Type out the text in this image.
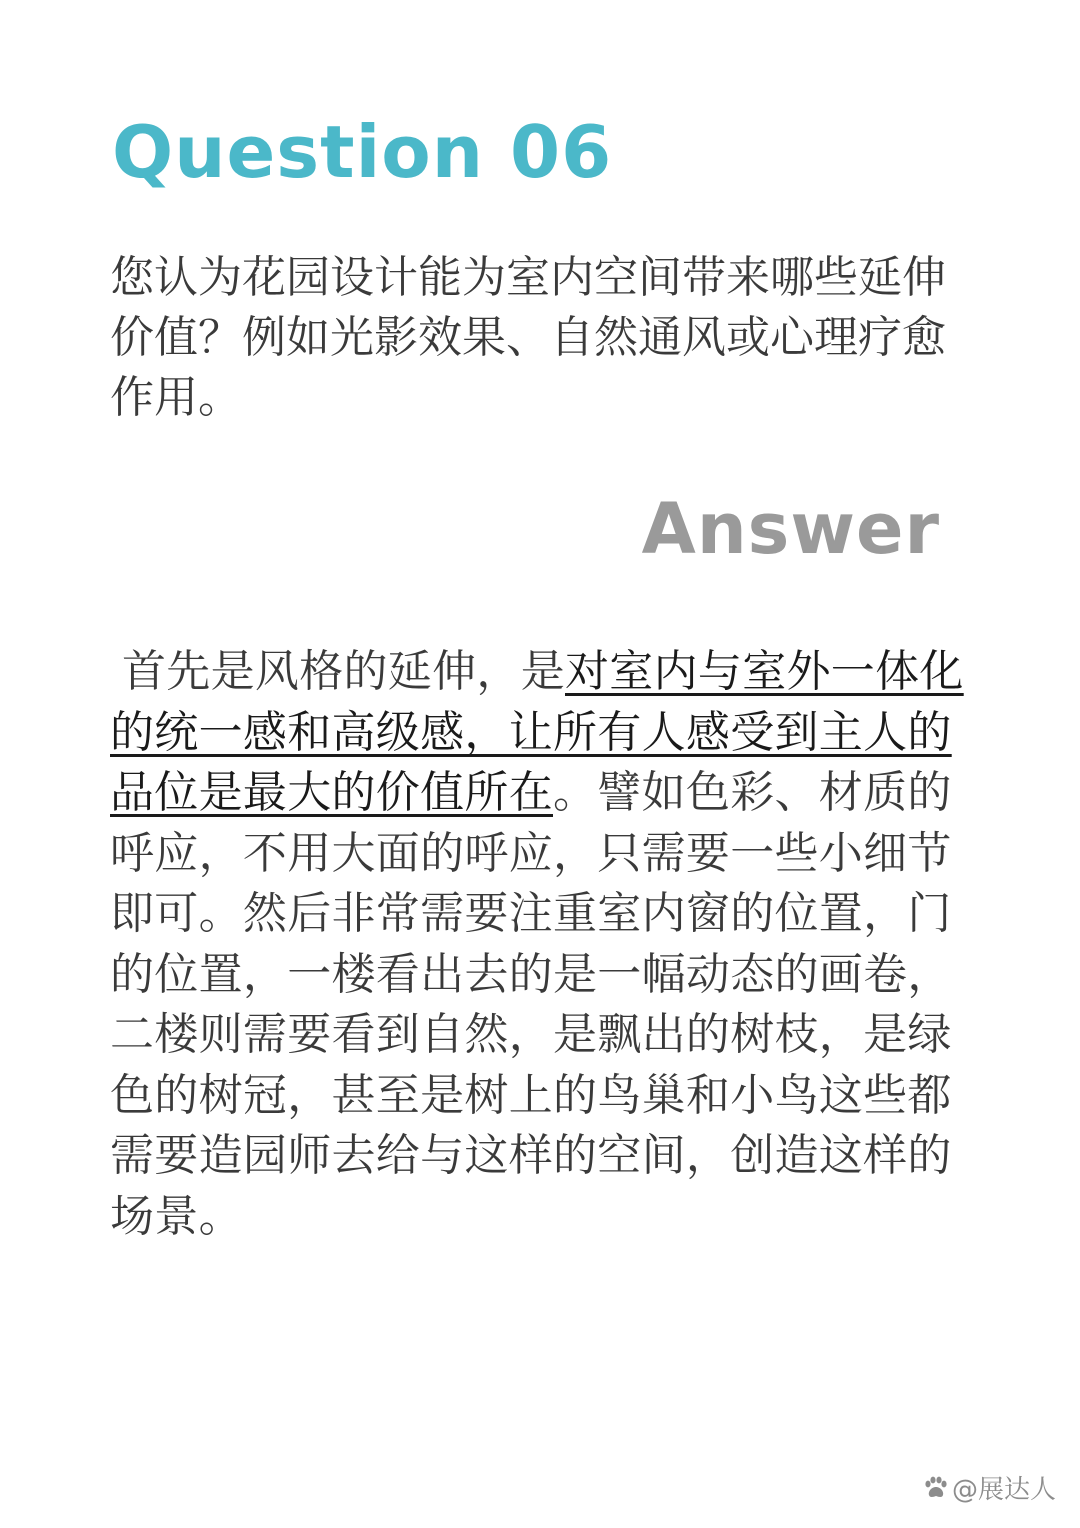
Question 06

您认为花园设计能为室内空间带来哪些延伸价值？例如光影效果、自然通风或心理疗愈作用。

Answer

首先是风格的延伸，是对室内与室外一体化的统一感和高级感，让所有人感受到主人的品位是最大的价值所在。譬如色彩、材质的呼应，不用大面的呼应，只需要一些小细节即可。然后非常需要注重室内窗的位置，门的位置，一楼看出去的是一幅动态的画卷，二楼则需要看到自然，是飘出的树枝，是绿色的树冠，甚至是树上的鸟巢和小鸟这些都需要造园师去给与这样的空间，创造这样的场景。

@展达人
